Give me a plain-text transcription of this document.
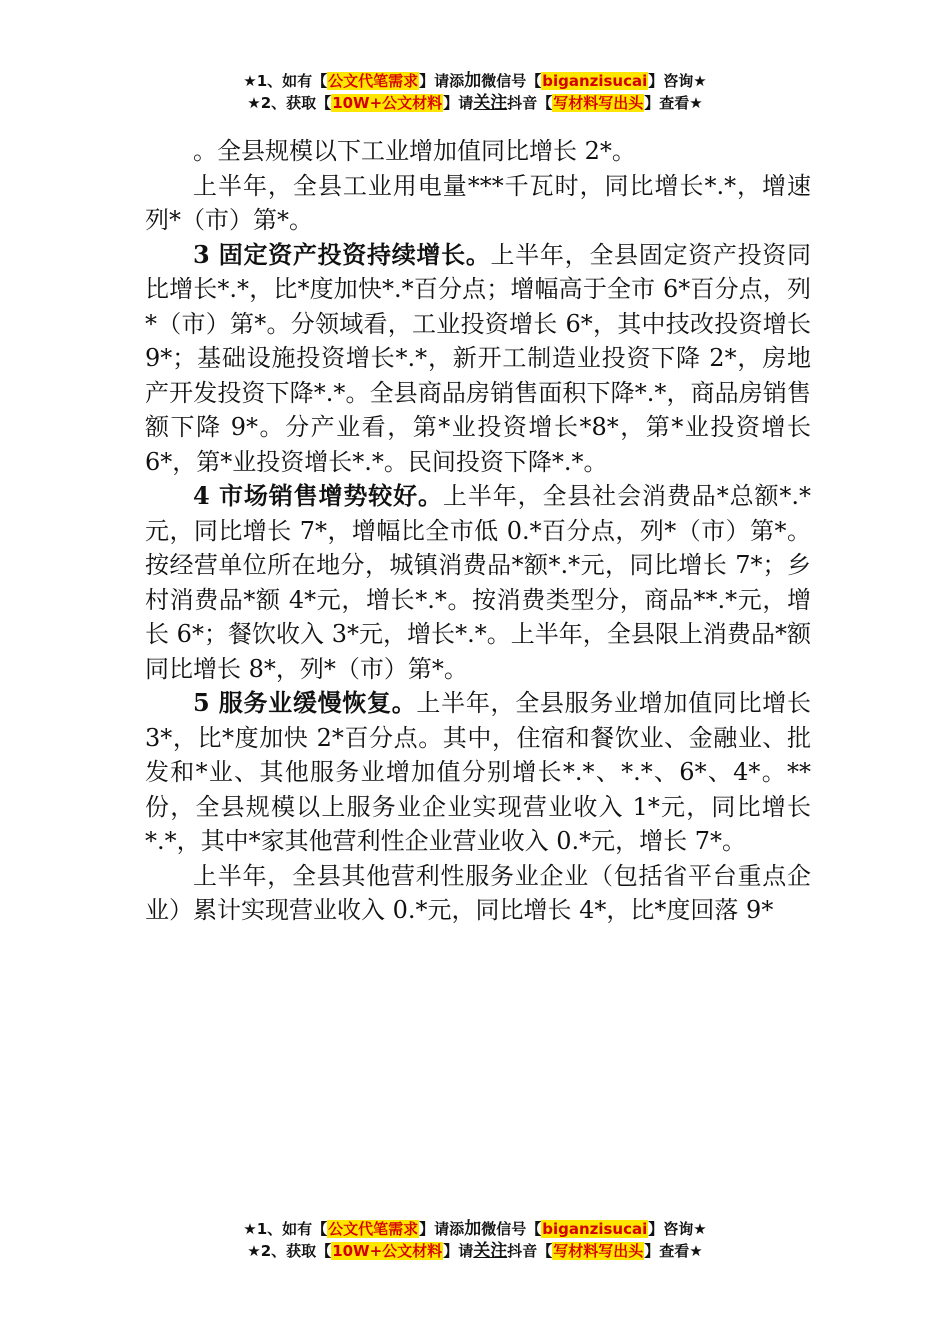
★1、如有【公文代笔需求】请添加微信号【biganzisucai】咨询★
★2、获取【10W+公文材料】请关注抖音【写材料写出头】查看★

。全县规模以下工业增加值同比增长 2*。

上半年，全县工业用电量***千瓦时，同比增长*.*，增速列*（市）第*。

3 固定资产投资持续增长。上半年，全县固定资产投资同比增长*.*，比*度加快*.*百分点；增幅高于全市 6*百分点，列*（市）第*。分领域看，工业投资增长 6*，其中技改投资增长 9*；基础设施投资增长*.*，新开工制造业投资下降 2*，房地产开发投资下降*.*。全县商品房销售面积下降*.*，商品房销售额下降 9*。分产业看，第*业投资增长*8*，第*业投资增长 6*，第*业投资增长*.*。民间投资下降*.*。

4 市场销售增势较好。上半年，全县社会消费品*总额*.*元，同比增长 7*，增幅比全市低 0.*百分点，列*（市）第*。按经营单位所在地分，城镇消费品*额*.*元，同比增长 7*；乡村消费品*额 4*元，增长*.*。按消费类型分，商品**.*元，增长 6*；餐饮收入 3*元，增长*.*。上半年，全县限上消费品*额同比增长 8*，列*（市）第*。

5 服务业缓慢恢复。上半年，全县服务业增加值同比增长 3*，比*度加快 2*百分点。其中，住宿和餐饮业、金融业、批发和*业、其他服务业增加值分别增长*.*、*.*、6*、4*。**份，全县规模以上服务业企业实现营业收入 1*元，同比增长*.*，其中*家其他营利性企业营业收入 0.*元，增长 7*。

上半年，全县其他营利性服务业企业（包括省平台重点企业）累计实现营业收入 0.*元，同比增长 4*，比*度回落 9*

★1、如有【公文代笔需求】请添加微信号【biganzisucai】咨询★
★2、获取【10W+公文材料】请关注抖音【写材料写出头】查看★
